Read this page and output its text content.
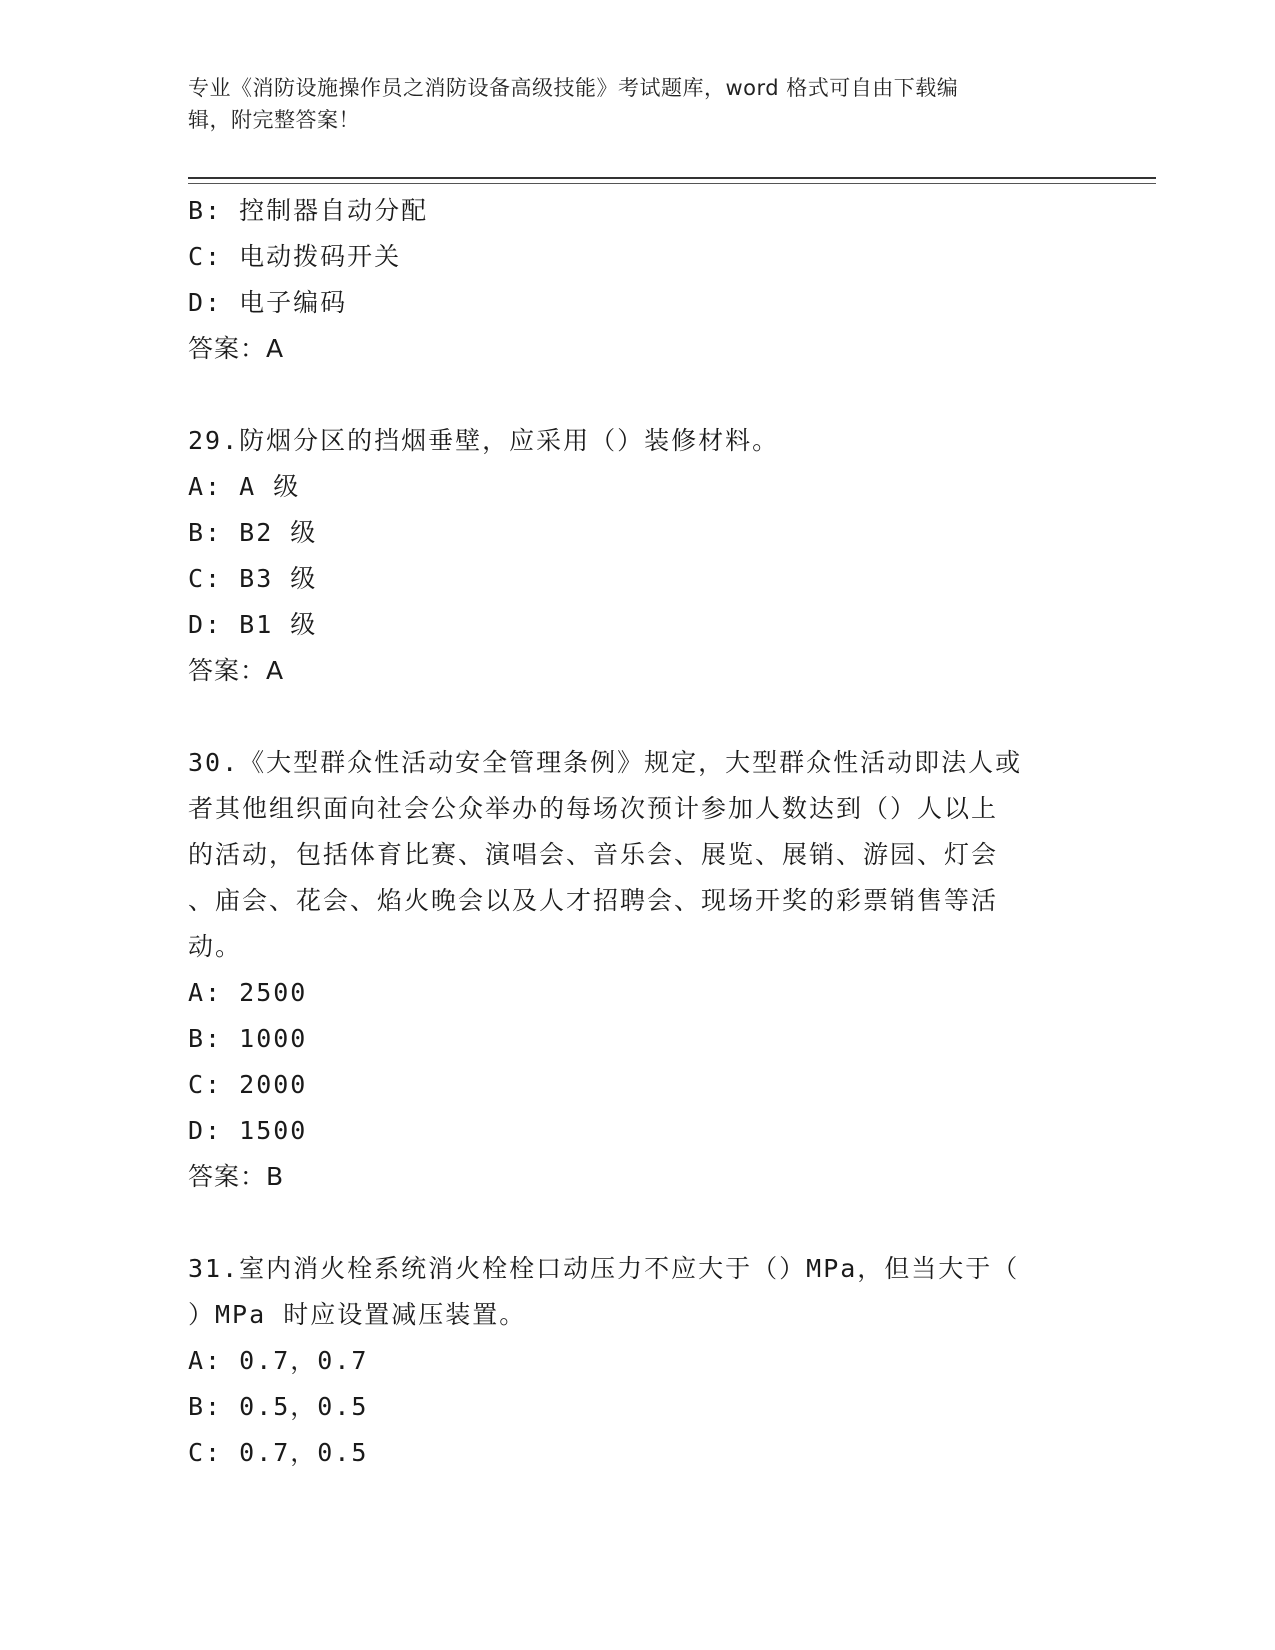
专业《消防设施操作员之消防设备高级技能》考试题库，word 格式可自由下载编
辑，附完整答案！
B: 控制器自动分配
C: 电动拨码开关
D: 电子编码
答案：A
29.防烟分区的挡烟垂壁，应采用（）装修材料。
A: A 级
B: B2 级
C: B3 级
D: B1 级
答案：A
30.《大型群众性活动安全管理条例》规定，大型群众性活动即法人或
者其他组织面向社会公众举办的每场次预计参加人数达到（）人以上
的活动，包括体育比赛、演唱会、音乐会、展览、展销、游园、灯会
、庙会、花会、焰火晚会以及人才招聘会、现场开奖的彩票销售等活
动。
A: 2500
B: 1000
C: 2000
D: 1500
答案：B
31.室内消火栓系统消火栓栓口动压力不应大于（）MPa，但当大于（
）MPa 时应设置减压装置。
A: 0.7，0.7
B: 0.5，0.5
C: 0.7，0.5
